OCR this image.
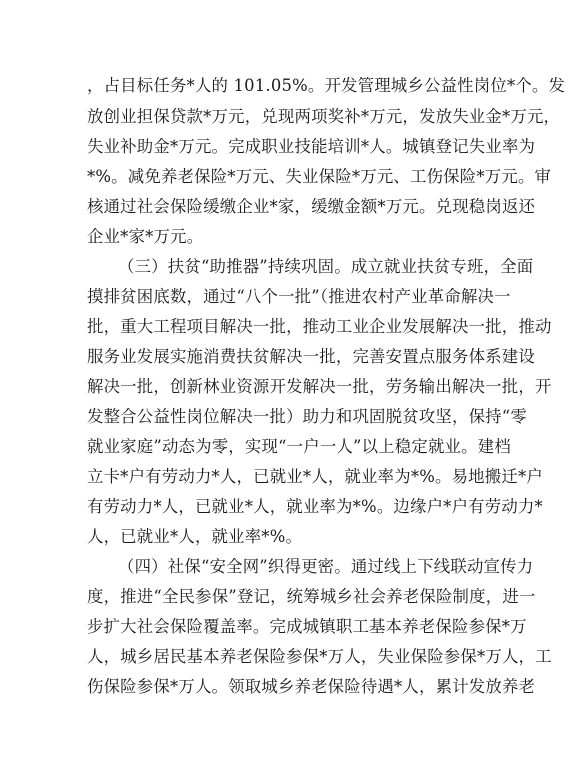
，占目标任务*人的 101.05%。开发管理城乡公益性岗位*个。发
放创业担保贷款*万元，兑现两项奖补*万元，发放失业金*万元，
失业补助金*万元。完成职业技能培训*人。城镇登记失业率为
*%。减免养老保险*万元、失业保险*万元、工伤保险*万元。审
核通过社会保险缓缴企业*家，缓缴金额*万元。兑现稳岗返还
企业*家*万元。
（三）扶贫“助推器”持续巩固。成立就业扶贫专班，全面
摸排贫困底数，通过“八个一批”（推进农村产业革命解决一
批，重大工程项目解决一批，推动工业企业发展解决一批，推动
服务业发展实施消费扶贫解决一批，完善安置点服务体系建设
解决一批，创新林业资源开发解决一批，劳务输出解决一批，开
发整合公益性岗位解决一批）助力和巩固脱贫攻坚，保持“零
就业家庭”动态为零，实现“一户一人”以上稳定就业。建档
立卡*户有劳动力*人，已就业*人，就业率为*%。易地搬迁*户
有劳动力*人，已就业*人，就业率为*%。边缘户*户有劳动力*
人，已就业*人，就业率*%。
（四）社保“安全网”织得更密。通过线上下线联动宣传力
度，推进“全民参保”登记，统筹城乡社会养老保险制度，进一
步扩大社会保险覆盖率。完成城镇职工基本养老保险参保*万
人，城乡居民基本养老保险参保*万人，失业保险参保*万人，工
伤保险参保*万人。领取城乡养老保险待遇*人，累计发放养老
